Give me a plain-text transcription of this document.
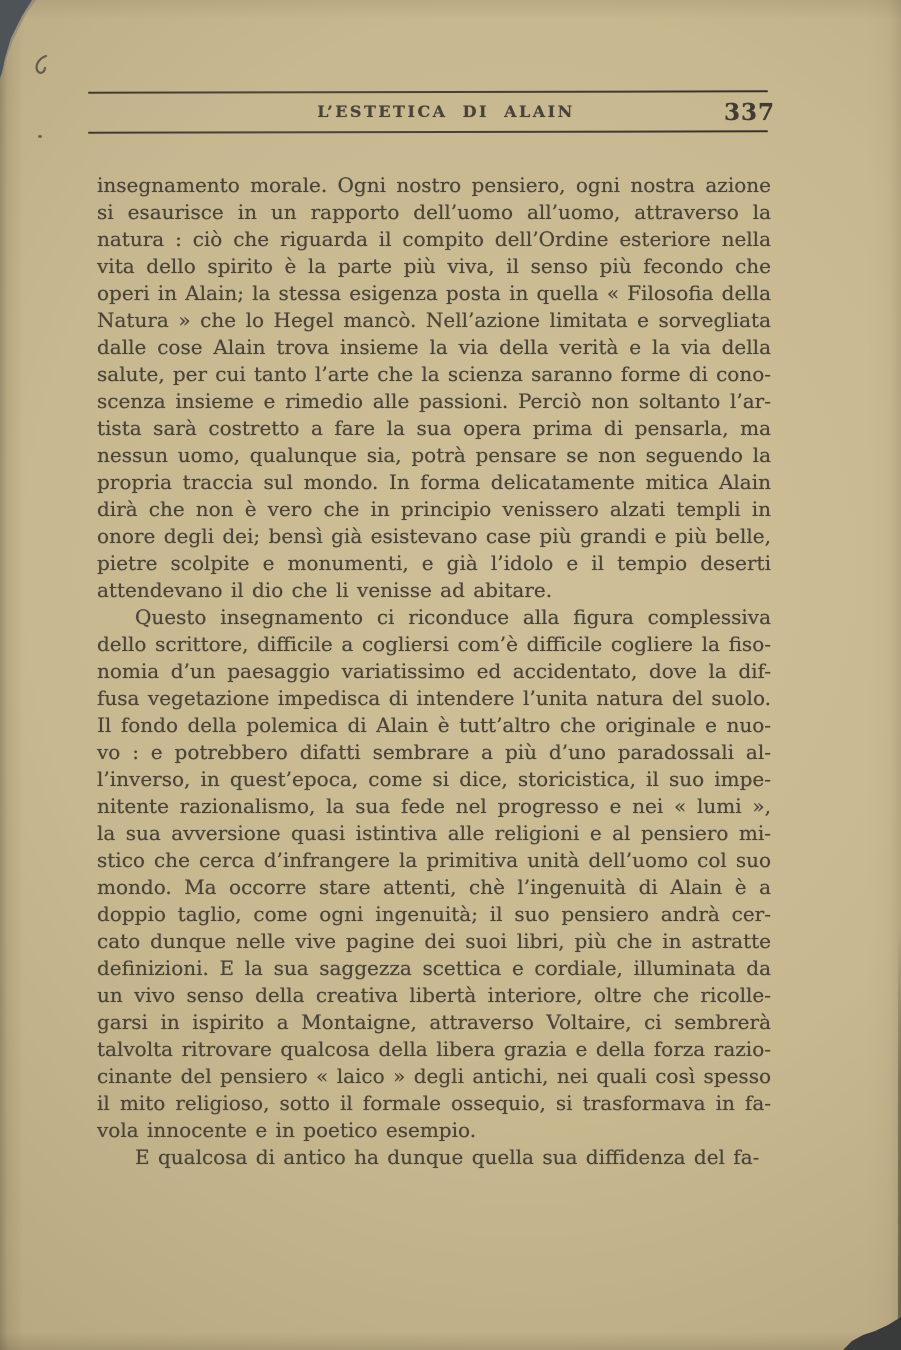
L’ESTETICA DI ALAIN	337
insegnamento morale. Ogni nostro pensiero, ogni nostra azione
si esaurisce in un rapporto dell’uomo all’uomo, attraverso la
natura : ciò che riguarda il compito dell’Ordine esteriore nella
vita dello spirito è la parte più viva, il senso più fecondo che
operi in Alain; la stessa esigenza posta in quella « Filosofia della
Natura » che lo Hegel mancò. Nell’azione limitata e sorvegliata
dalle cose Alain trova insieme la via della verità e la via della
salute, per cui tanto l’arte che la scienza saranno forme di cono-
scenza insieme e rimedio alle passioni. Perciò non soltanto l’ar-
tista sarà costretto a fare la sua opera prima di pensarla, ma
nessun uomo, qualunque sia, potrà pensare se non seguendo la
propria traccia sul mondo. In forma delicatamente mitica Alain
dirà che non è vero che in principio venissero alzati templi in
onore degli dei; bensì già esistevano case più grandi e più belle,
pietre scolpite e monumenti, e già l’idolo e il tempio deserti
attendevano il dio che li venisse ad abitare.
Questo insegnamento ci riconduce alla figura complessiva
dello scrittore, difficile a cogliersi com’è difficile cogliere la fiso-
nomia d’un paesaggio variatissimo ed accidentato, dove la dif-
fusa vegetazione impedisca di intendere l’unita natura del suolo.
Il fondo della polemica di Alain è tutt’altro che originale e nuo-
vo : e potrebbero difatti sembrare a più d’uno paradossali al-
l’inverso, in quest’epoca, come si dice, storicistica, il suo impe-
nitente razionalismo, la sua fede nel progresso e nei « lumi »,
la sua avversione quasi istintiva alle religioni e al pensiero mi-
stico che cerca d’infrangere la primitiva unità dell’uomo col suo
mondo. Ma occorre stare attenti, chè l’ingenuità di Alain è a
doppio taglio, come ogni ingenuità; il suo pensiero andrà cer-
cato dunque nelle vive pagine dei suoi libri, più che in astratte
definizioni. E la sua saggezza scettica e cordiale, illuminata da
un vivo senso della creativa libertà interiore, oltre che ricolle-
garsi in ispirito a Montaigne, attraverso Voltaire, ci sembrerà
talvolta ritrovare qualcosa della libera grazia e della forza razio-
cinante del pensiero « laico » degli antichi, nei quali così spesso
il mito religioso, sotto il formale ossequio, si trasformava in fa-
vola innocente e in poetico esempio.
E qualcosa di antico ha dunque quella sua diffidenza del fa-
